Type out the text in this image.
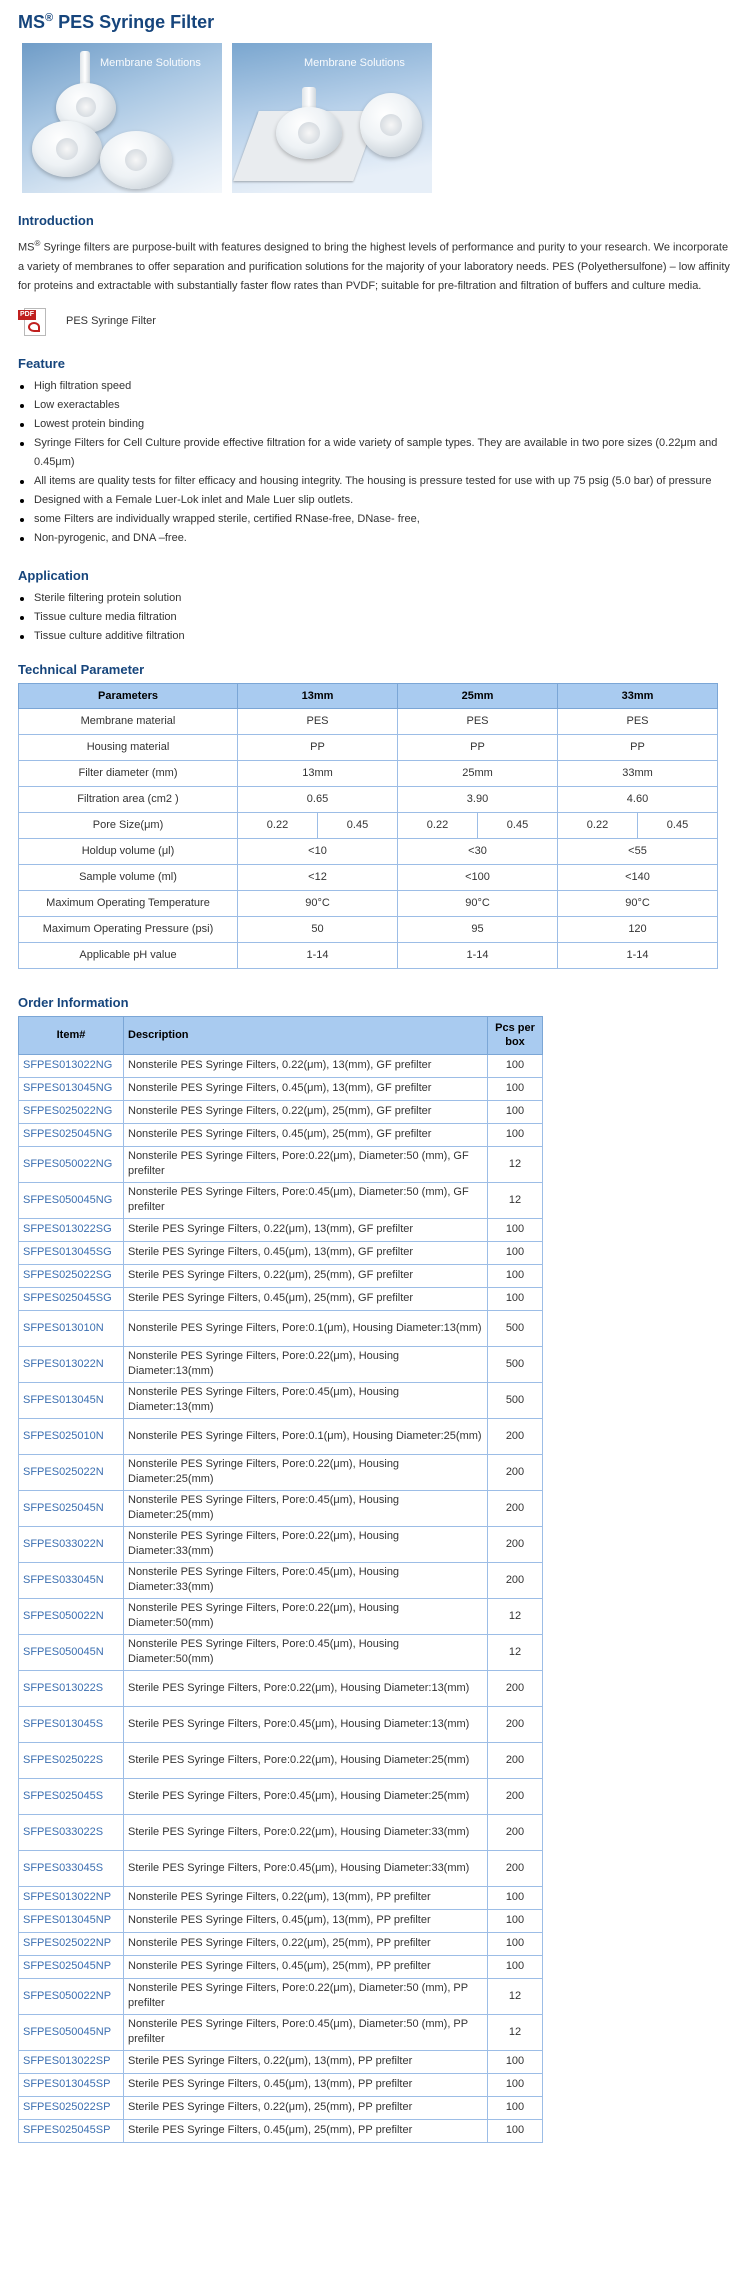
MS® PES Syringe Filter
Membrane Solutions	Membrane Solutions
Introduction

MS® Syringe filters are purpose-built with features designed to bring the highest levels of performance and purity to your research. We incorporate a variety of membranes to offer separation and purification solutions for the majority of your laboratory needs. PES (Polyethersulfone) – low affinity for proteins and extractable with substantially faster flow rates than PVDF; suitable for pre-filtration and filtration of buffers and culture media.

PDF
PES Syringe Filter
Feature
High filtration speed
Low exeractables
Lowest protein binding
Syringe Filters for Cell Culture provide effective filtration for a wide variety of sample types. They are available in two pore sizes (0.22μm and 0.45μm)
All items are quality tests for filter efficacy and housing integrity. The housing is pressure tested for use with up 75 psig (5.0 bar) of pressure
Designed with a Female Luer-Lok inlet and Male Luer slip outlets.
some Filters are individually wrapped sterile, certified RNase-free, DNase- free,
Non-pyrogenic, and DNA –free.
Application
Sterile filtering protein solution
Tissue culture media filtration
Tissue culture additive filtration
Technical Parameter
Parameters	13mm		25mm		33mm	
Membrane material	PES		PES		PES	
Housing material	PP		PP		PP	
Filter diameter (mm)	13mm		25mm		33mm	
Filtration area (cm2 )	0.65		3.90		4.60	
Pore Size(μm)	0.22	0.45	0.22	0.45	0.22	0.45
Holdup volume (μl)	<10		<30		<55	
Sample volume (ml)	<12		<100		<140	
Maximum Operating Temperature	90°C		90°C		90°C	
Maximum Operating Pressure (psi)	50		95		120	
Applicable pH value	1-14		1-14		1-14	
Order Information
Item#	Description	Pcs per box
SFPES013022NG	Nonsterile PES Syringe Filters, 0.22(μm), 13(mm), GF prefilter	100
SFPES013045NG	Nonsterile PES Syringe Filters, 0.45(μm), 13(mm), GF prefilter	100
SFPES025022NG	Nonsterile PES Syringe Filters, 0.22(μm), 25(mm), GF prefilter	100
SFPES025045NG	Nonsterile PES Syringe Filters, 0.45(μm), 25(mm), GF prefilter	100
SFPES050022NG	Nonsterile PES Syringe Filters, Pore:0.22(μm), Diameter:50 (mm), GF prefilter	12
SFPES050045NG	Nonsterile PES Syringe Filters, Pore:0.45(μm), Diameter:50 (mm), GF prefilter	12
SFPES013022SG	Sterile PES Syringe Filters, 0.22(μm), 13(mm), GF prefilter	100
SFPES013045SG	Sterile PES Syringe Filters, 0.45(μm), 13(mm), GF prefilter	100
SFPES025022SG	Sterile PES Syringe Filters, 0.22(μm), 25(mm), GF prefilter	100
SFPES025045SG	Sterile PES Syringe Filters, 0.45(μm), 25(mm), GF prefilter	100
SFPES013010N	Nonsterile PES Syringe Filters, Pore:0.1(μm), Housing Diameter:13(mm)	500
SFPES013022N	Nonsterile PES Syringe Filters, Pore:0.22(μm), Housing Diameter:13(mm)	500
SFPES013045N	Nonsterile PES Syringe Filters, Pore:0.45(μm), Housing Diameter:13(mm)	500
SFPES025010N	Nonsterile PES Syringe Filters, Pore:0.1(μm), Housing Diameter:25(mm)	200
SFPES025022N	Nonsterile PES Syringe Filters, Pore:0.22(μm), Housing Diameter:25(mm)	200
SFPES025045N	Nonsterile PES Syringe Filters, Pore:0.45(μm), Housing Diameter:25(mm)	200
SFPES033022N	Nonsterile PES Syringe Filters, Pore:0.22(μm), Housing Diameter:33(mm)	200
SFPES033045N	Nonsterile PES Syringe Filters, Pore:0.45(μm), Housing Diameter:33(mm)	200
SFPES050022N	Nonsterile PES Syringe Filters, Pore:0.22(μm), Housing Diameter:50(mm)	12
SFPES050045N	Nonsterile PES Syringe Filters, Pore:0.45(μm), Housing Diameter:50(mm)	12
SFPES013022S	Sterile PES Syringe Filters, Pore:0.22(μm), Housing Diameter:13(mm)	200
SFPES013045S	Sterile PES Syringe Filters, Pore:0.45(μm), Housing Diameter:13(mm)	200
SFPES025022S	Sterile PES Syringe Filters, Pore:0.22(μm), Housing Diameter:25(mm)	200
SFPES025045S	Sterile PES Syringe Filters, Pore:0.45(μm), Housing Diameter:25(mm)	200
SFPES033022S	Sterile PES Syringe Filters, Pore:0.22(μm), Housing Diameter:33(mm)	200
SFPES033045S	Sterile PES Syringe Filters, Pore:0.45(μm), Housing Diameter:33(mm)	200
SFPES013022NP	Nonsterile PES Syringe Filters, 0.22(μm), 13(mm), PP prefilter	100
SFPES013045NP	Nonsterile PES Syringe Filters, 0.45(μm), 13(mm), PP prefilter	100
SFPES025022NP	Nonsterile PES Syringe Filters, 0.22(μm), 25(mm), PP prefilter	100
SFPES025045NP	Nonsterile PES Syringe Filters, 0.45(μm), 25(mm), PP prefilter	100
SFPES050022NP	Nonsterile PES Syringe Filters, Pore:0.22(μm), Diameter:50 (mm), PP prefilter	12
SFPES050045NP	Nonsterile PES Syringe Filters, Pore:0.45(μm), Diameter:50 (mm), PP prefilter	12
SFPES013022SP	Sterile PES Syringe Filters, 0.22(μm), 13(mm), PP prefilter	100
SFPES013045SP	Sterile PES Syringe Filters, 0.45(μm), 13(mm), PP prefilter	100
SFPES025022SP	Sterile PES Syringe Filters, 0.22(μm), 25(mm), PP prefilter	100
SFPES025045SP	Sterile PES Syringe Filters, 0.45(μm), 25(mm), PP prefilter	100
